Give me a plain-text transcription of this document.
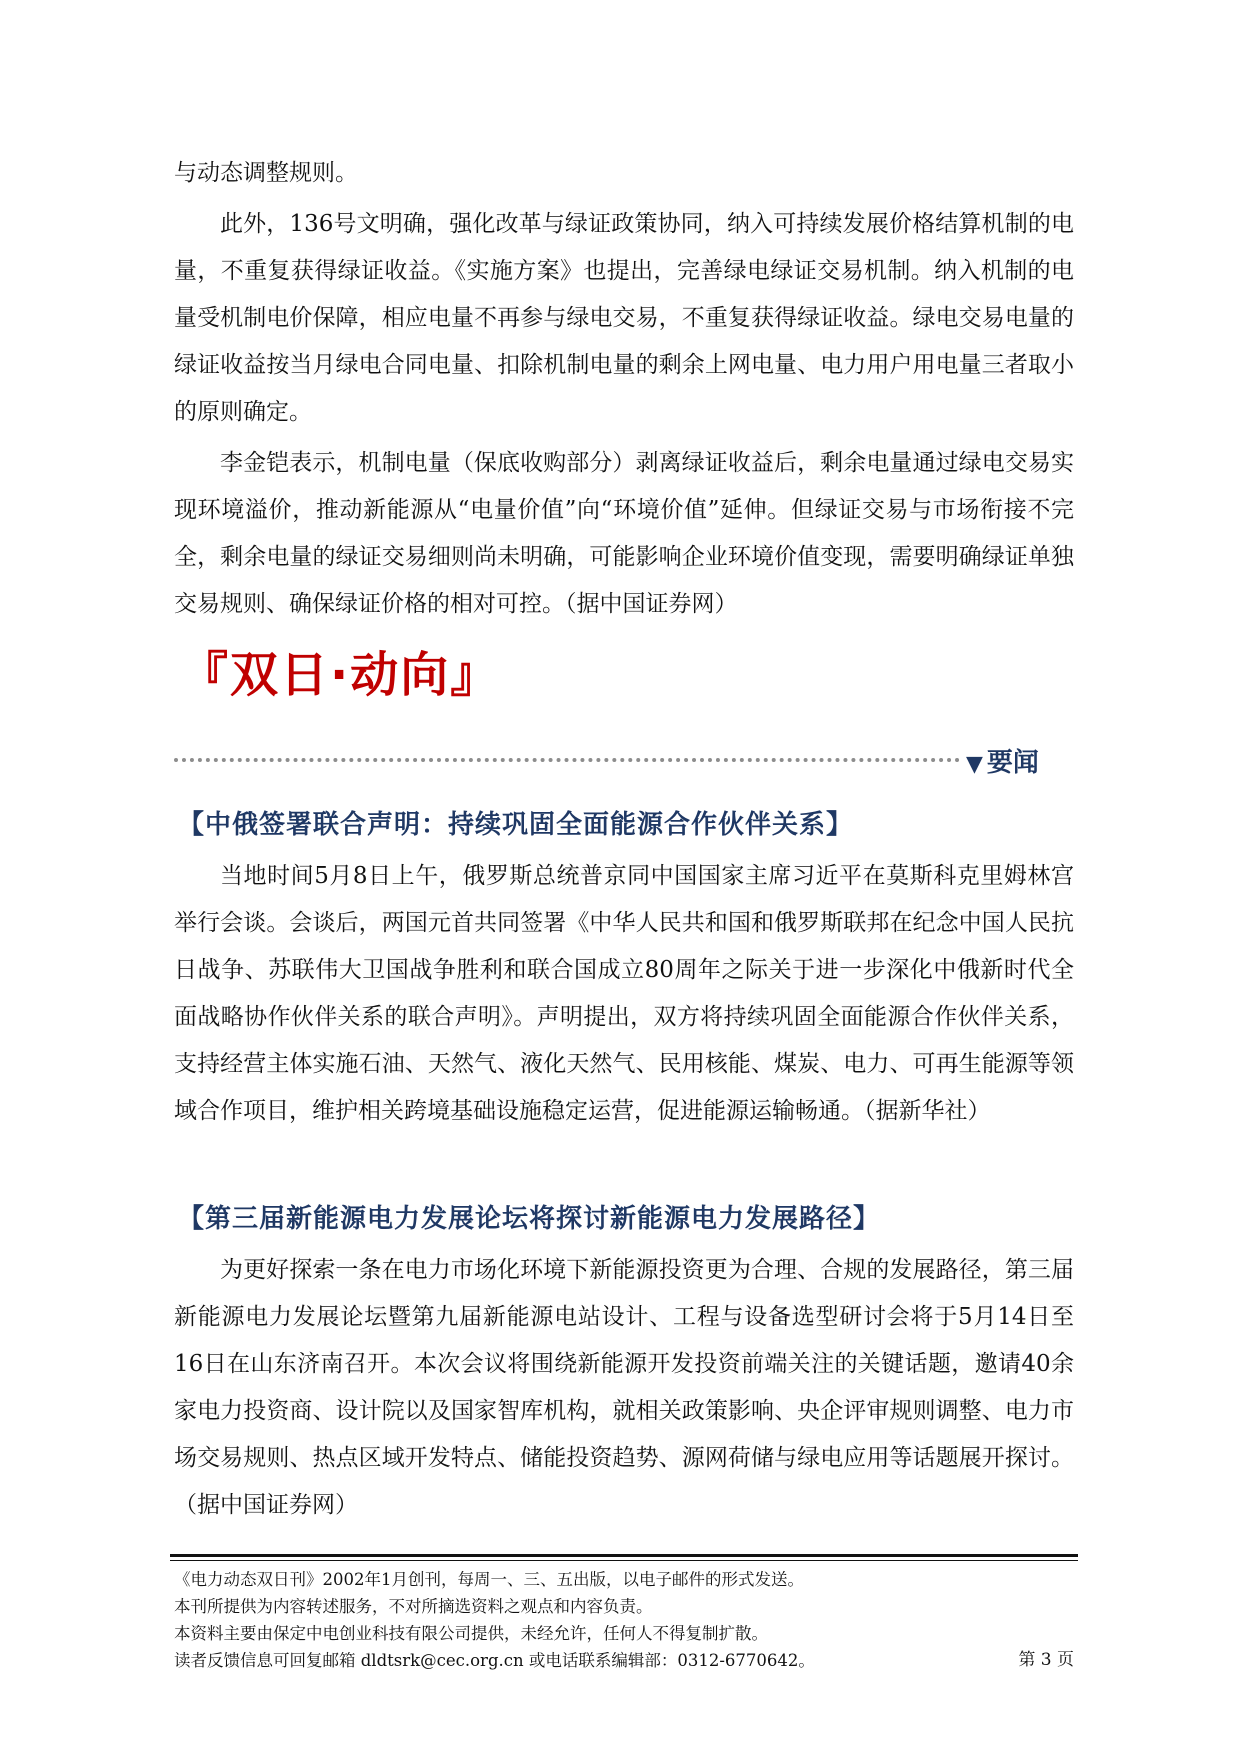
与动态调整规则。

此外，136号文明确，强化改革与绿证政策协同，纳入可持续发展价格结算机制的电量，不重复获得绿证收益。《实施方案》也提出，完善绿电绿证交易机制。纳入机制的电量受机制电价保障，相应电量不再参与绿电交易，不重复获得绿证收益。绿电交易电量的绿证收益按当月绿电合同电量、扣除机制电量的剩余上网电量、电力用户用电量三者取小的原则确定。

李金铠表示，机制电量（保底收购部分）剥离绿证收益后，剩余电量通过绿电交易实现环境溢价，推动新能源从“电量价值”向“环境价值”延伸。但绿证交易与市场衔接不完全，剩余电量的绿证交易细则尚未明确，可能影响企业环境价值变现，需要明确绿证单独交易规则、确保绿证价格的相对可控。（据中国证券网）

『双日·动向』
▼ 要闻
【中俄签署联合声明：持续巩固全面能源合作伙伴关系】

当地时间5月8日上午，俄罗斯总统普京同中国国家主席习近平在莫斯科克里姆林宫举行会谈。会谈后，两国元首共同签署《中华人民共和国和俄罗斯联邦在纪念中国人民抗日战争、苏联伟大卫国战争胜利和联合国成立80周年之际关于进一步深化中俄新时代全面战略协作伙伴关系的联合声明》。声明提出，双方将持续巩固全面能源合作伙伴关系，支持经营主体实施石油、天然气、液化天然气、民用核能、煤炭、电力、可再生能源等领域合作项目，维护相关跨境基础设施稳定运营，促进能源运输畅通。（据新华社）

【第三届新能源电力发展论坛将探讨新能源电力发展路径】

为更好探索一条在电力市场化环境下新能源投资更为合理、合规的发展路径，第三届新能源电力发展论坛暨第九届新能源电站设计、工程与设备选型研讨会将于5月14日至16日在山东济南召开。本次会议将围绕新能源开发投资前端关注的关键话题，邀请40余家电力投资商、设计院以及国家智库机构，就相关政策影响、央企评审规则调整、电力市场交易规则、热点区域开发特点、储能投资趋势、源网荷储与绿电应用等话题展开探讨。（据中国证券网）

《电力动态双日刊》2002年1月创刊，每周一、三、五出版，以电子邮件的形式发送。

本刊所提供为内容转述服务，不对所摘选资料之观点和内容负责。

本资料主要由保定中电创业科技有限公司提供，未经允许，任何人不得复制扩散。

读者反馈信息可回复邮箱 dldtsrk@cec.org.cn 或电话联系编辑部：0312-6770642。	第 3 页
